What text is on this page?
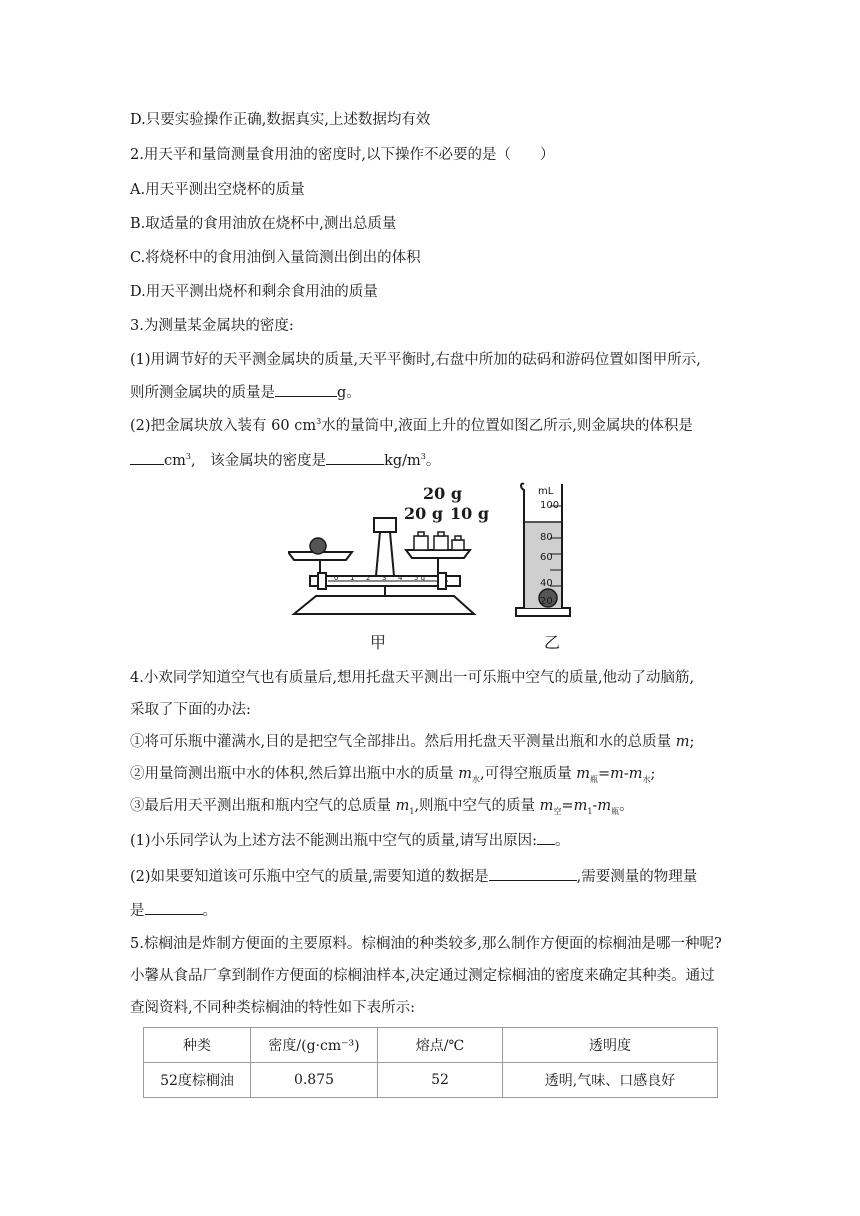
D.只要实验操作正确,数据真实,上述数据均有效
2.用天平和量筒测量食用油的密度时,以下操作不必要的是（　　）
A.用天平测出空烧杯的质量
B.取适量的食用油放在烧杯中,测出总质量
C.将烧杯中的食用油倒入量筒测出倒出的体积
D.用天平测出烧杯和剩余食用油的质量
3.为测量某金属块的密度:
(1)用调节好的天平测金属块的质量,天平平衡时,右盘中所加的砝码和游码位置如图甲所示,
则所测金属块的质量是	g。
(2)把金属块放入装有 60 $cm^3$水的量筒中,液面上升的位置如图乙所示,则金属块的体积是
$cm^3$,　该金属块的密度是	$kg/m^3$。
20 g
20 g 10 g
0 1 2 3 4 5 g
mL
100
80
60
40
20
甲	乙
4.小欢同学知道空气也有质量后,想用托盘天平测出一可乐瓶中空气的质量,他动了动脑筋,
采取了下面的办法:
①将可乐瓶中灌满水,目的是把空气全部排出。然后用托盘天平测量出瓶和水的总质量 m;
②用量筒测出瓶中水的体积,然后算出瓶中水的质量 $m_水$,可得空瓶质量 $m_瓶=m-m_水$;
③最后用天平测出瓶和瓶内空气的总质量 $m_1$,则瓶中空气的质量 $m_空=m_1-m_瓶$。
(1)小乐同学认为上述方法不能测出瓶中空气的质量,请写出原因: 。
(2)如果要知道该可乐瓶中空气的质量,需要知道的数据是	,需要测量的物理量
是	。
5.棕榈油是炸制方便面的主要原料。棕榈油的种类较多,那么制作方便面的棕榈油是哪一种呢?
小馨从食品厂拿到制作方便面的棕榈油样本,决定通过测定棕榈油的密度来确定其种类。通过
查阅资料,不同种类棕榈油的特性如下表所示:
种类	密度/(g·cm⁻³)	熔点/℃	透明度
52度棕榈油	0.875	52	透明,气味、口感良好
